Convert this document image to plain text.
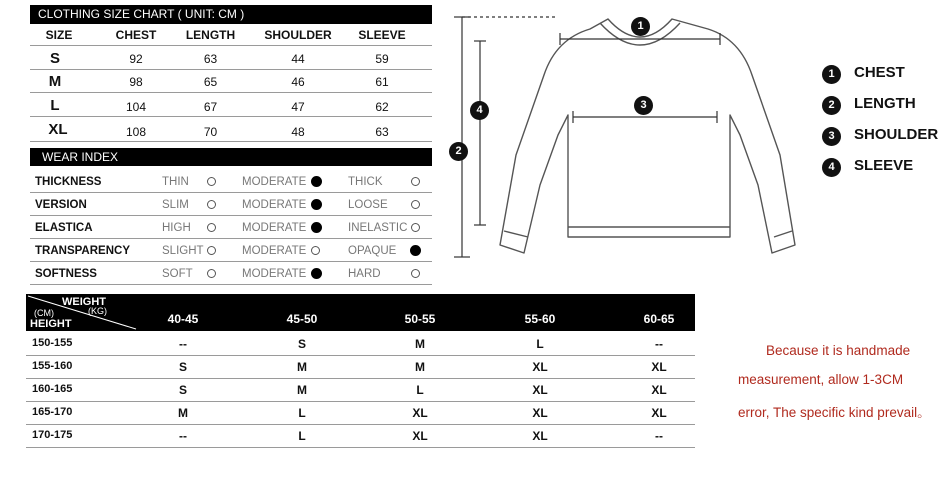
CLOTHING SIZE CHART ( UNIT: CM )
SIZE	CHEST	LENGTH	SHOULDER	SLEEVE
S	92	63	44	59
M	98	65	46	61
L	104	67	47	62
XL	108	70	48	63
WEAR INDEX
THICKNESS	THIN	MODERATE	THICK
VERSION	SLIM	MODERATE	LOOSE
ELASTICA	HIGH	MODERATE	INELASTIC
TRANSPARENCY	SLIGHT	MODERATE	OPAQUE
SOFTNESS	SOFT	MODERATE	HARD
1
3
2
4
1	CHEST
2	LENGTH
3	SHOULDER
4	SLEEVE
WEIGHT
(KG)
(CM)
HEIGHT	40-45	45-50	50-55	55-60	60-65
150-155	--	S	M	L	--
155-160	S	M	M	XL	XL
160-165	S	M	L	XL	XL
165-170	M	L	XL	XL	XL
170-175	--	L	XL	XL	--
Because it is handmade
measurement, allow 1-3CM
error, The specific kind prevail。
